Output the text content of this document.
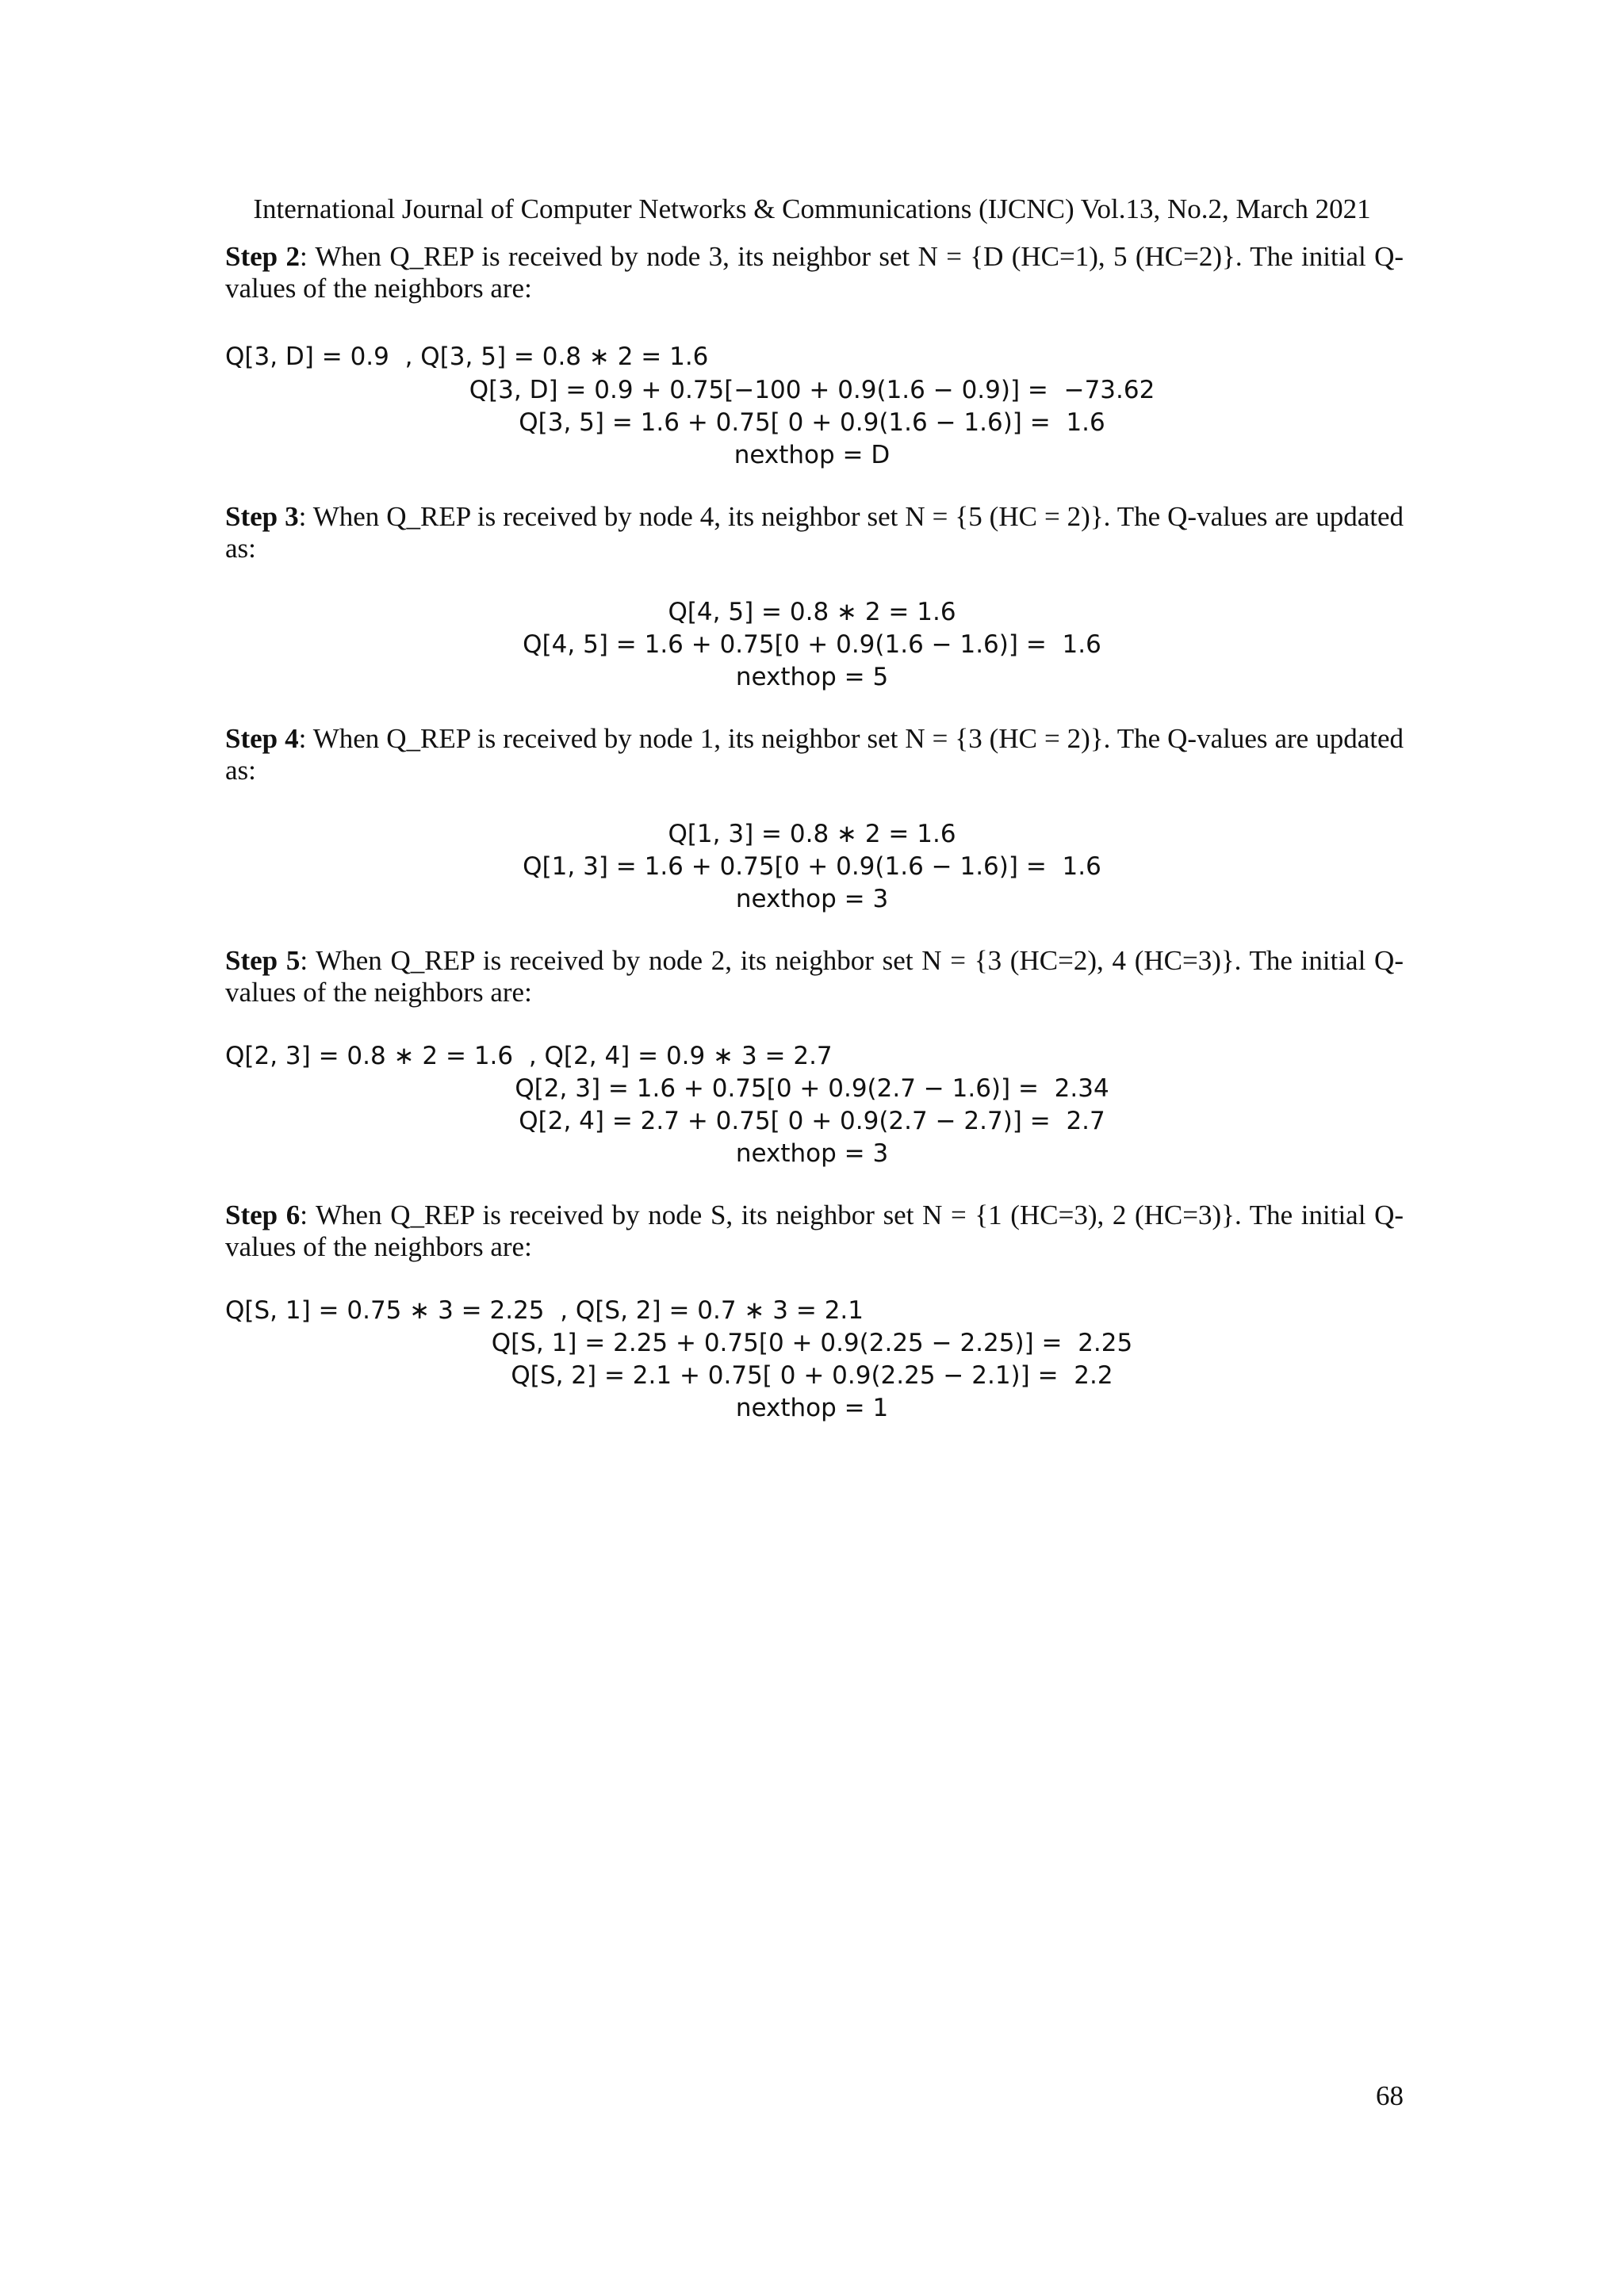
International Journal of Computer Networks & Communications (IJCNC) Vol.13, No.2, March 2021

Step 2: When Q_REP is received by node 3, its neighbor set N = {D (HC=1), 5 (HC=2)}. The initial Q-values of the neighbors are:

Q[3, D] = 0.9  , Q[3, 5] = 0.8 ∗ 2 = 1.6
Q[3, D] = 0.9 + 0.75[−100 + 0.9(1.6 − 0.9)] =  −73.62
Q[3, 5] = 1.6 + 0.75[ 0 + 0.9(1.6 − 1.6)] =  1.6
nexthop = D

Step 3: When Q_REP is received by node 4, its neighbor set N = {5 (HC = 2)}. The Q-values are updated as:

Q[4, 5] = 0.8 ∗ 2 = 1.6
Q[4, 5] = 1.6 + 0.75[0 + 0.9(1.6 − 1.6)] =  1.6
nexthop = 5

Step 4: When Q_REP is received by node 1, its neighbor set N = {3 (HC = 2)}. The Q-values are updated as:

Q[1, 3] = 0.8 ∗ 2 = 1.6
Q[1, 3] = 1.6 + 0.75[0 + 0.9(1.6 − 1.6)] =  1.6
nexthop = 3

Step 5: When Q_REP is received by node 2, its neighbor set N = {3 (HC=2), 4 (HC=3)}. The initial Q-values of the neighbors are:

Q[2, 3] = 0.8 ∗ 2 = 1.6  , Q[2, 4] = 0.9 ∗ 3 = 2.7
Q[2, 3] = 1.6 + 0.75[0 + 0.9(2.7 − 1.6)] =  2.34
Q[2, 4] = 2.7 + 0.75[ 0 + 0.9(2.7 − 2.7)] =  2.7
nexthop = 3

Step 6: When Q_REP is received by node S, its neighbor set N = {1 (HC=3), 2 (HC=3)}. The initial Q-values of the neighbors are:

Q[S, 1] = 0.75 ∗ 3 = 2.25  , Q[S, 2] = 0.7 ∗ 3 = 2.1
Q[S, 1] = 2.25 + 0.75[0 + 0.9(2.25 − 2.25)] =  2.25
Q[S, 2] = 2.1 + 0.75[ 0 + 0.9(2.25 − 2.1)] =  2.2
nexthop = 1
68
